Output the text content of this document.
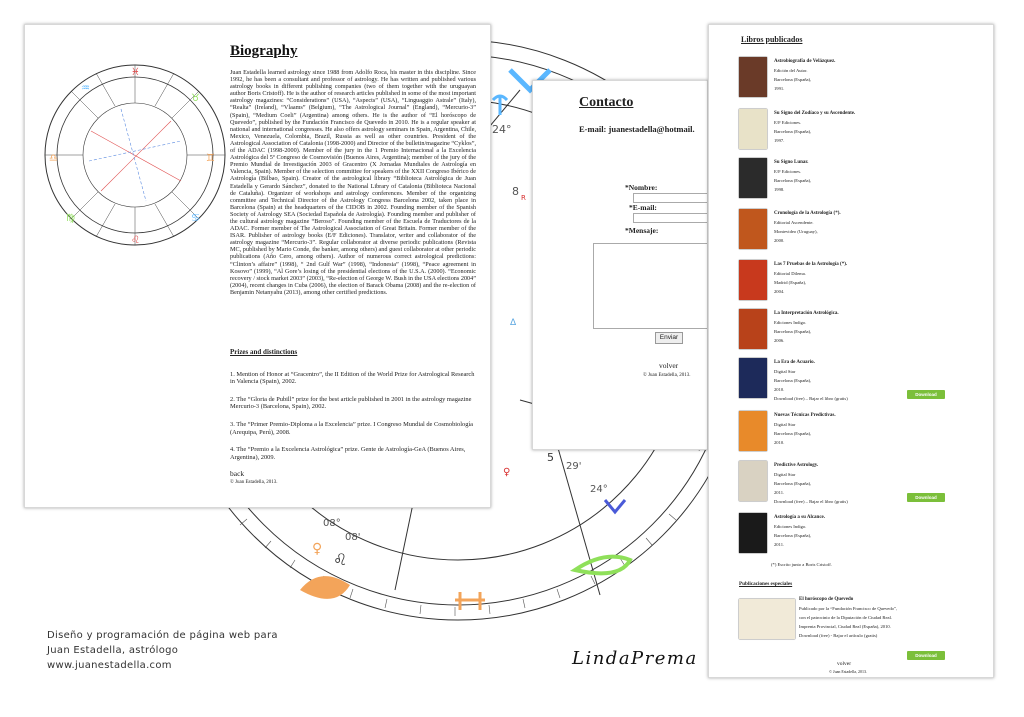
♀
♌
♀
Δ
24°
8 R
5
29'
24°
08°
08'
♒
♉
♊
♋
♌
♍
♎
♓
Biography
Juan Estadella learned astrology since 1988 from Adolfo Roca, his master in this discipline. Since 1992, he has been a consultant and professor of astrology. He has written and published various astrology books in different publishing companies (two of them together with the uruguayan author Boris Cristoff). He is the author of research articles published in some of the most important astrology magazines: “Considerations” (USA), “Aspects” (USA), “Linguaggio Astrale” (Italy), “Realta” (Ireland), “Vlaams” (Belgium), “The Astrological Journal” (England), “Mercurio-3” (Spain), “Medium Coeli” (Argentina) among others. He is the author of “El horóscopo de Quevedo”, published by the Fundación Francisco de Quevedo in 2010. He is a regular speaker at national and international congresses. He also offers astrology seminars in Spain, Argentina, Chile, Mexico, Venezuela, Colombia, Brazil, Russia as well as other countries. President of the Astrological Association of Catalonia (1998-2000) and Director of the bulletin/magazine “Cyklos”, of the ADAC (1998-2000). Member of the jury in the 1 Premio Internacional a la Excelencia Astrológica del 5º Congreso de Cosmovisión (Buenos Aires, Argentina); member of the jury of the Premio Mundial de Investigación 2003 of Gracentro (X Jornadas Mundiales de Astrología en Valencia, Spain). Member of the selection committee for speakers of the XXII Congreso Ibérico de Astrología (Bilbao, Spain). Creator of the astrological library “Biblioteca Astrológica de Juan Estadella y Gerardo Sánchez”, donated to the National Library of Catalonia (Biblioteca Nacional de Cataluña). Organizer of workshops and astrology conferences. Member of the organizing committee and Technical Director of the Astrology Congress Barcelona 2002, taken place in Barcelona (Spain) at the headquarters of the CIDOB in 2002. Founding member of the Spanish Society of Astrology SEA (Sociedad Española de Astrología). Founding member and publisher of the cultural astrology magazine “Beroso”. Founding member of the Escuela de Traductores de la ADAC. Former member of The Astrological Association of Great Britain. Former member of the ISAR. Publisher of astrology books (E/F Ediciones). Translator, writer and collaborator of the astrology magazine “Mercurio-3”. Regular collaborator at diverse periodic publications (Revista MC, published by Mario Conde, the banker, among others) and guest collaborator at other periodic publications (Año Cero, among others). Author of numerous correct astrological predictions: “Clinton’s affaire” (1998), “ 2nd Gulf War” (1998), “Indonesia” (1998), “Peace agreement in Kosovo” (1999), “Al Gore’s losing of the presidential elections of the U.S.A. (2000). “Economic recovery / stock market 2003” (2003), “Re-election of George W. Bush in the USA elections 2004” (2004), recent changes in Cuba (2006), the election of Barack Obama (2008) and the re-election of Benjamin Netanyahu (2013), among other certified predictions.
Prizes and distinctions
1. Mention of Honor at “Gracentro”, the II Edition of the World Prize for Astrological Research in Valencia (Spain), 2002.
2. The “Gloria de Pubill” prize for the best article published in 2001 in the astrology magazine Mercurio-3 (Barcelona, Spain), 2002.
3. The “Primer Premio-Diploma a la Excelencia” prize. I Congreso Mundial de Cosmobiología (Arequipa, Perú), 2008.
4. The “Premio a la Excelencia Astrológica” prize. Gente de Astrología-GeA (Buenos Aires, Argentina), 2009.
back
© Juan Estadella, 2013.
Contacto
E-mail: juanestadella@hotmail.
*Nombre:
*E-mail:
*Mensaje:
Enviar
volver
© Juan Estadella, 2013.
Libros publicados
Astrobiografía de Velázquez.
Edición del Autor.
Barcelona (España),
1991.
Su Signo del Zodíaco y su Ascendente.
E/F Ediciones.
Barcelona (España),
1997.
Su Signo Lunar.
E/F Ediciones.
Barcelona (España),
1998.
Cronología de la Astrología (*).
Editorial Ascendente.
Montevideo (Uruguay),
2000.
Las 7 Pruebas de la Astrología (*).
Editorial Dilema.
Madrid (España),
2004.
La Interpretación Astrológica.
Ediciones Indigo.
Barcelona (España),
2006.
La Era de Acuario.
Digital Star
Barcelona (España),
2010.
Download (free) – Bajar el libro (gratis)
Download
Nuevas Técnicas Predictivas.
Digital Star
Barcelona (España),
2010.
Predictive Astrology.
Digital Star
Barcelona (España),
2011.
Download (free) – Bajar el libro (gratis)
Download
Astrología a su Alcance.
Ediciones Indigo.
Barcelona (España),
2011.
(*) Escrito junto a Boris Cristoff.
Publicaciones especiales
El horóscopo de Quevedo
Publicado por la “Fundación Francisco de Quevedo”,
con el patrocinio de la Diputación de Ciudad Real.
Imprenta Provincial, Ciudad Real (España), 2010.
Download (free) - Bajar el artículo (gratis)
Download
volver
© Juan Estadella, 2013.
Diseño y programación de página web para
Juan Estadella, astrólogo
www.juanestadella.com	LindaPrema
